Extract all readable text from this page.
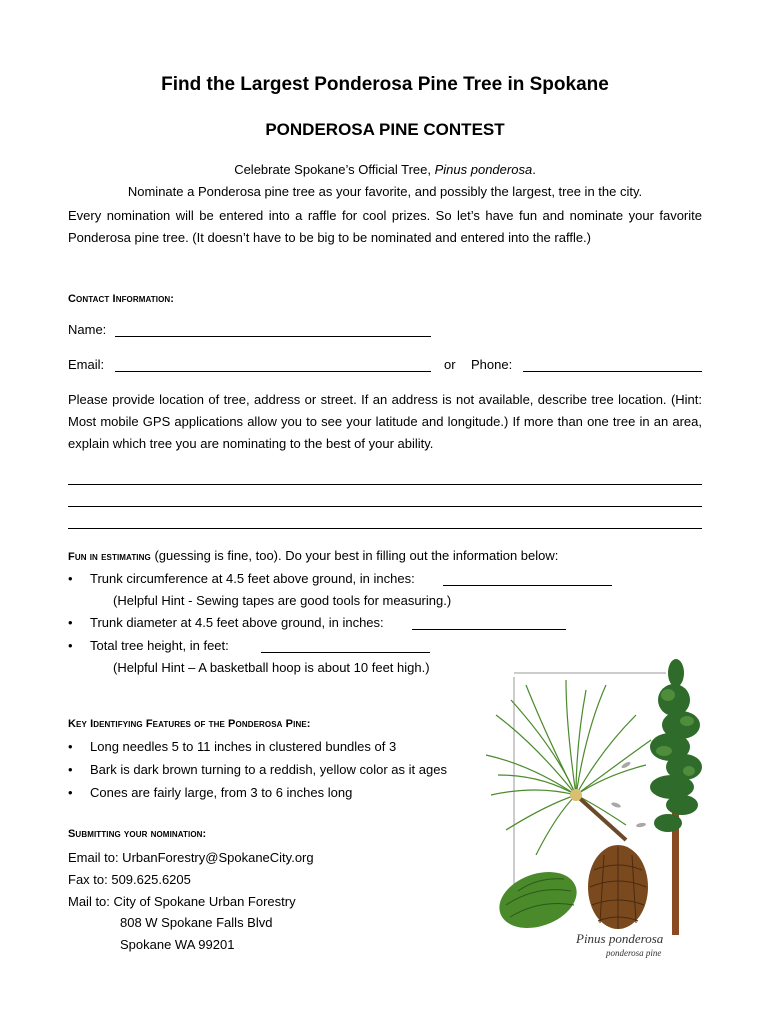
Find the Largest Ponderosa Pine Tree in Spokane
PONDEROSA PINE CONTEST
Celebrate Spokane’s Official Tree, Pinus ponderosa.
Nominate a Ponderosa pine tree as your favorite, and possibly the largest, tree in the city.
Every nomination will be entered into a raffle for cool prizes. So let’s have fun and nominate your favorite Ponderosa pine tree. (It doesn’t have to be big to be nominated and entered into the raffle.)
Contact Information:
Name:
Email:	or Phone:
Please provide location of tree, address or street. If an address is not available, describe tree location. (Hint: Most mobile GPS applications allow you to see your latitude and longitude.) If more than one tree in an area, explain which tree you are nominating to the best of your ability.
Fun in estimating (guessing is fine, too). Do your best in filling out the information below:
• Trunk circumference at 4.5 feet above ground, in inches:
(Helpful Hint - Sewing tapes are good tools for measuring.)
• Trunk diameter at 4.5 feet above ground, in inches:
• Total tree height, in feet:
(Helpful Hint – A basketball hoop is about 10 feet high.)
Key Identifying Features of the Ponderosa Pine:
• Long needles 5 to 11 inches in clustered bundles of 3
• Bark is dark brown turning to a reddish, yellow color as it ages
• Cones are fairly large, from 3 to 6 inches long
Submitting your nomination:
Email to: UrbanForestry@SpokaneCity.org
Fax to: 509.625.6205
Mail to: City of Spokane Urban Forestry
808 W Spokane Falls Blvd
Spokane WA 99201	Pinus ponderosa
ponderosa pine
